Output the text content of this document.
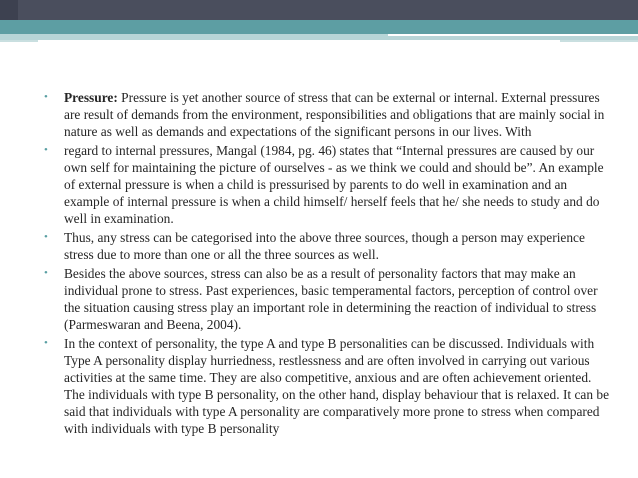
• Pressure: Pressure is yet another source of stress that can be external or internal. External pressures are result of demands from the environment, responsibilities and obligations that are mainly social in nature as well as demands and expectations of the significant persons in our lives. With
• regard to internal pressures, Mangal (1984, pg. 46) states that “Internal pressures are caused by our own self for maintaining the picture of ourselves - as we think we could and should be”. An example of external pressure is when a child is pressurised by parents to do well in examination and an example of internal pressure is when a child himself/ herself feels that he/ she needs to study and do well in examination.
• Thus, any stress can be categorised into the above three sources, though a person may experience stress due to more than one or all the three sources as well.
• Besides the above sources, stress can also be as a result of personality factors that may make an individual prone to stress. Past experiences, basic temperamental factors, perception of control over the situation causing stress play an important role in determining the reaction of individual to stress (Parmeswaran and Beena, 2004).
• In the context of personality, the type A and type B personalities can be discussed. Individuals with Type A personality display hurriedness, restlessness and are often involved in carrying out various activities at the same time. They are also competitive, anxious and are often achievement oriented. The individuals with type B personality, on the other hand, display behaviour that is relaxed. It can be said that individuals with type A personality are comparatively more prone to stress when compared with individuals with type B personality
